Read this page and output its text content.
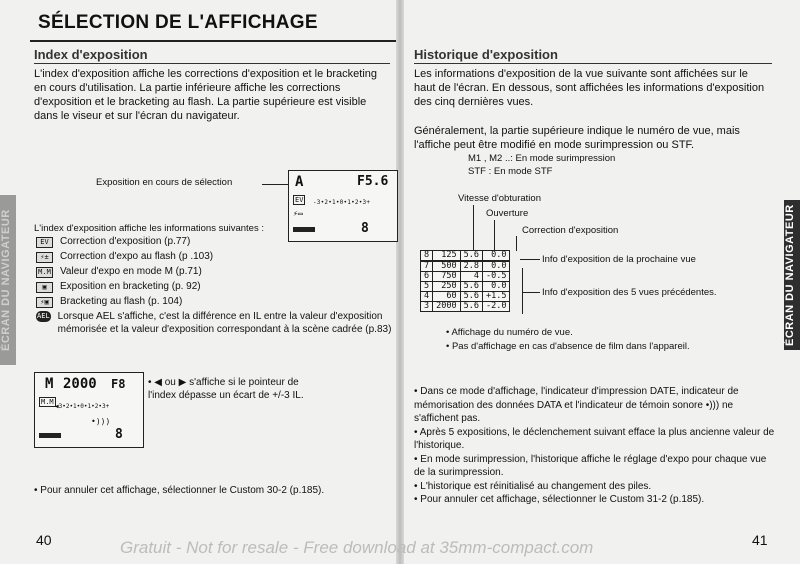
SÉLECTION DE L'AFFICHAGE
Index d'exposition
L'index d'exposition affiche les corrections d'exposition et le bracketing en cours d'utilisation. La partie inférieure affiche les corrections d'exposition et le bracketing au flash. La partie supérieure est visible dans le viseur et sur l'écran du navigateur.
Exposition en cours de sélection	A	F5.6
EV	-3•2•1•0•1•2•3+
⚡▭
8
L'index d'exposition affiche les informations suivantes :
EV	Correction d'exposition (p.77)
⚡±	Correction d'expo au flash (p .103)
M.M Valeur d'expo en mode M (p.71)
▣	Exposition en bracketing (p. 92)
⚡▣	Bracketing au flash (p. 104)
AEL Lorsque AEL s'affiche, c'est la différence en IL entre la valeur d'exposition mémorisée et la valeur d'exposition correspondant à la scène cadrée (p.83)
M 2000 F8
M.M
◀3•2•1•0•1•2•3+
•)))
8
• ◀ ou ▶ s'affiche si le pointeur de l'index dépasse un écart de +/-3 IL.
• Pour annuler cet affichage, sélectionner le Custom 30-2 (p.185).
ÉCRAN DU NAVIGATEUR
40
Historique d'exposition
Les informations d'exposition de la vue suivante sont affichées sur le haut de l'écran. En dessous, sont affichées les informations d'exposition des cinq dernières vues.
Généralement, la partie supérieure indique le numéro de vue, mais l'affiche peut être modifié en mode surimpression ou STF.
M1 , M2 ..: En mode surimpression
STF : En mode STF
Vitesse d'obturation
Ouverture
Correction d'exposition
8	125	5.6	0.0
7	500	2.8	0.0
6	750	4	-0.5
5	250	5.6	0.0
4	60	5.6	+1.5
3	2000	5.6	-2.0
Info d'exposition de la prochaine vue
Info d'exposition des 5 vues précédentes.
• Affichage du numéro de vue.
• Pas d'affichage en cas d'absence de film dans l'appareil.
• Dans ce mode d'affichage, l'indicateur d'impression DATE, indicateur de mémorisation des données DATA et l'indicateur de témoin sonore •))) ne s'affichent pas.
• Après 5 expositions, le déclenchement suivant efface la plus ancienne valeur de l'historique.
• En mode surimpression, l'historique affiche le réglage d'expo pour chaque vue de la surimpression.
• L'historique est réinitialisé au changement des piles.
• Pour annuler cet affichage, sélectionner le Custom 31-2 (p.185).
ÉCRAN DU NAVIGATEUR
41
Gratuit - Not for resale - Free download at 35mm-compact.com
